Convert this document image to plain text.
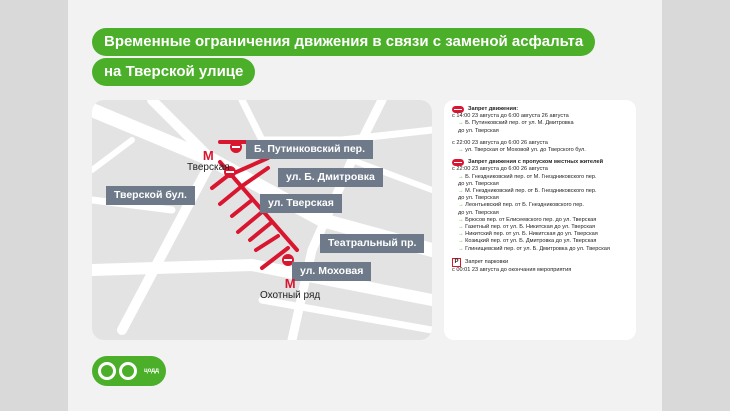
Временные ограничения движения в связи с заменой асфальта
на Тверской улице
Б. Путинковский пер.
Тверской бул.
ул. Б. Дмитровка
ул. Тверская
Театральный пр.
ул. Моховая
М
Тверская
М
Охотный ряд
Запрет движения:
с 14:00 23 августа до 6:00 августа 26 августа
→ Б. Путинковский пер. от ул. М. Дмитровка
до ул. Тверская
с 22:00 23 августа до 6:00 26 августа
→ ул. Тверская от Моховой ул. до Тверского бул.
Запрет движения с пропуском местных жителей
с 22:00 23 августа до 6:00 26 августа
→ Б. Гнездниковский пер. от М. Гнездниковского пер.
до ул. Тверская
→ М. Гнездниковский пер. от Б. Гнездниковского пер.
до ул. Тверская
→ Леонтьевский пер. от Б. Гнездниковского пер.
до ул. Тверская
→ Брюсов пер. от Елисеевского пер. до ул. Тверская
→ Газетный пер. от ул. Б. Никитская до ул. Тверская
→ Никитский пер. от ул. Б. Никитская до ул. Тверская
→ Козицкий пер. от ул. Б. Дмитровка до ул. Тверская
→ Глинищевский пер. от ул. Б. Дмитровка до ул. Тверская
P	Запрет парковки
с 00:01 23 августа до окончания мероприятия
цодд
